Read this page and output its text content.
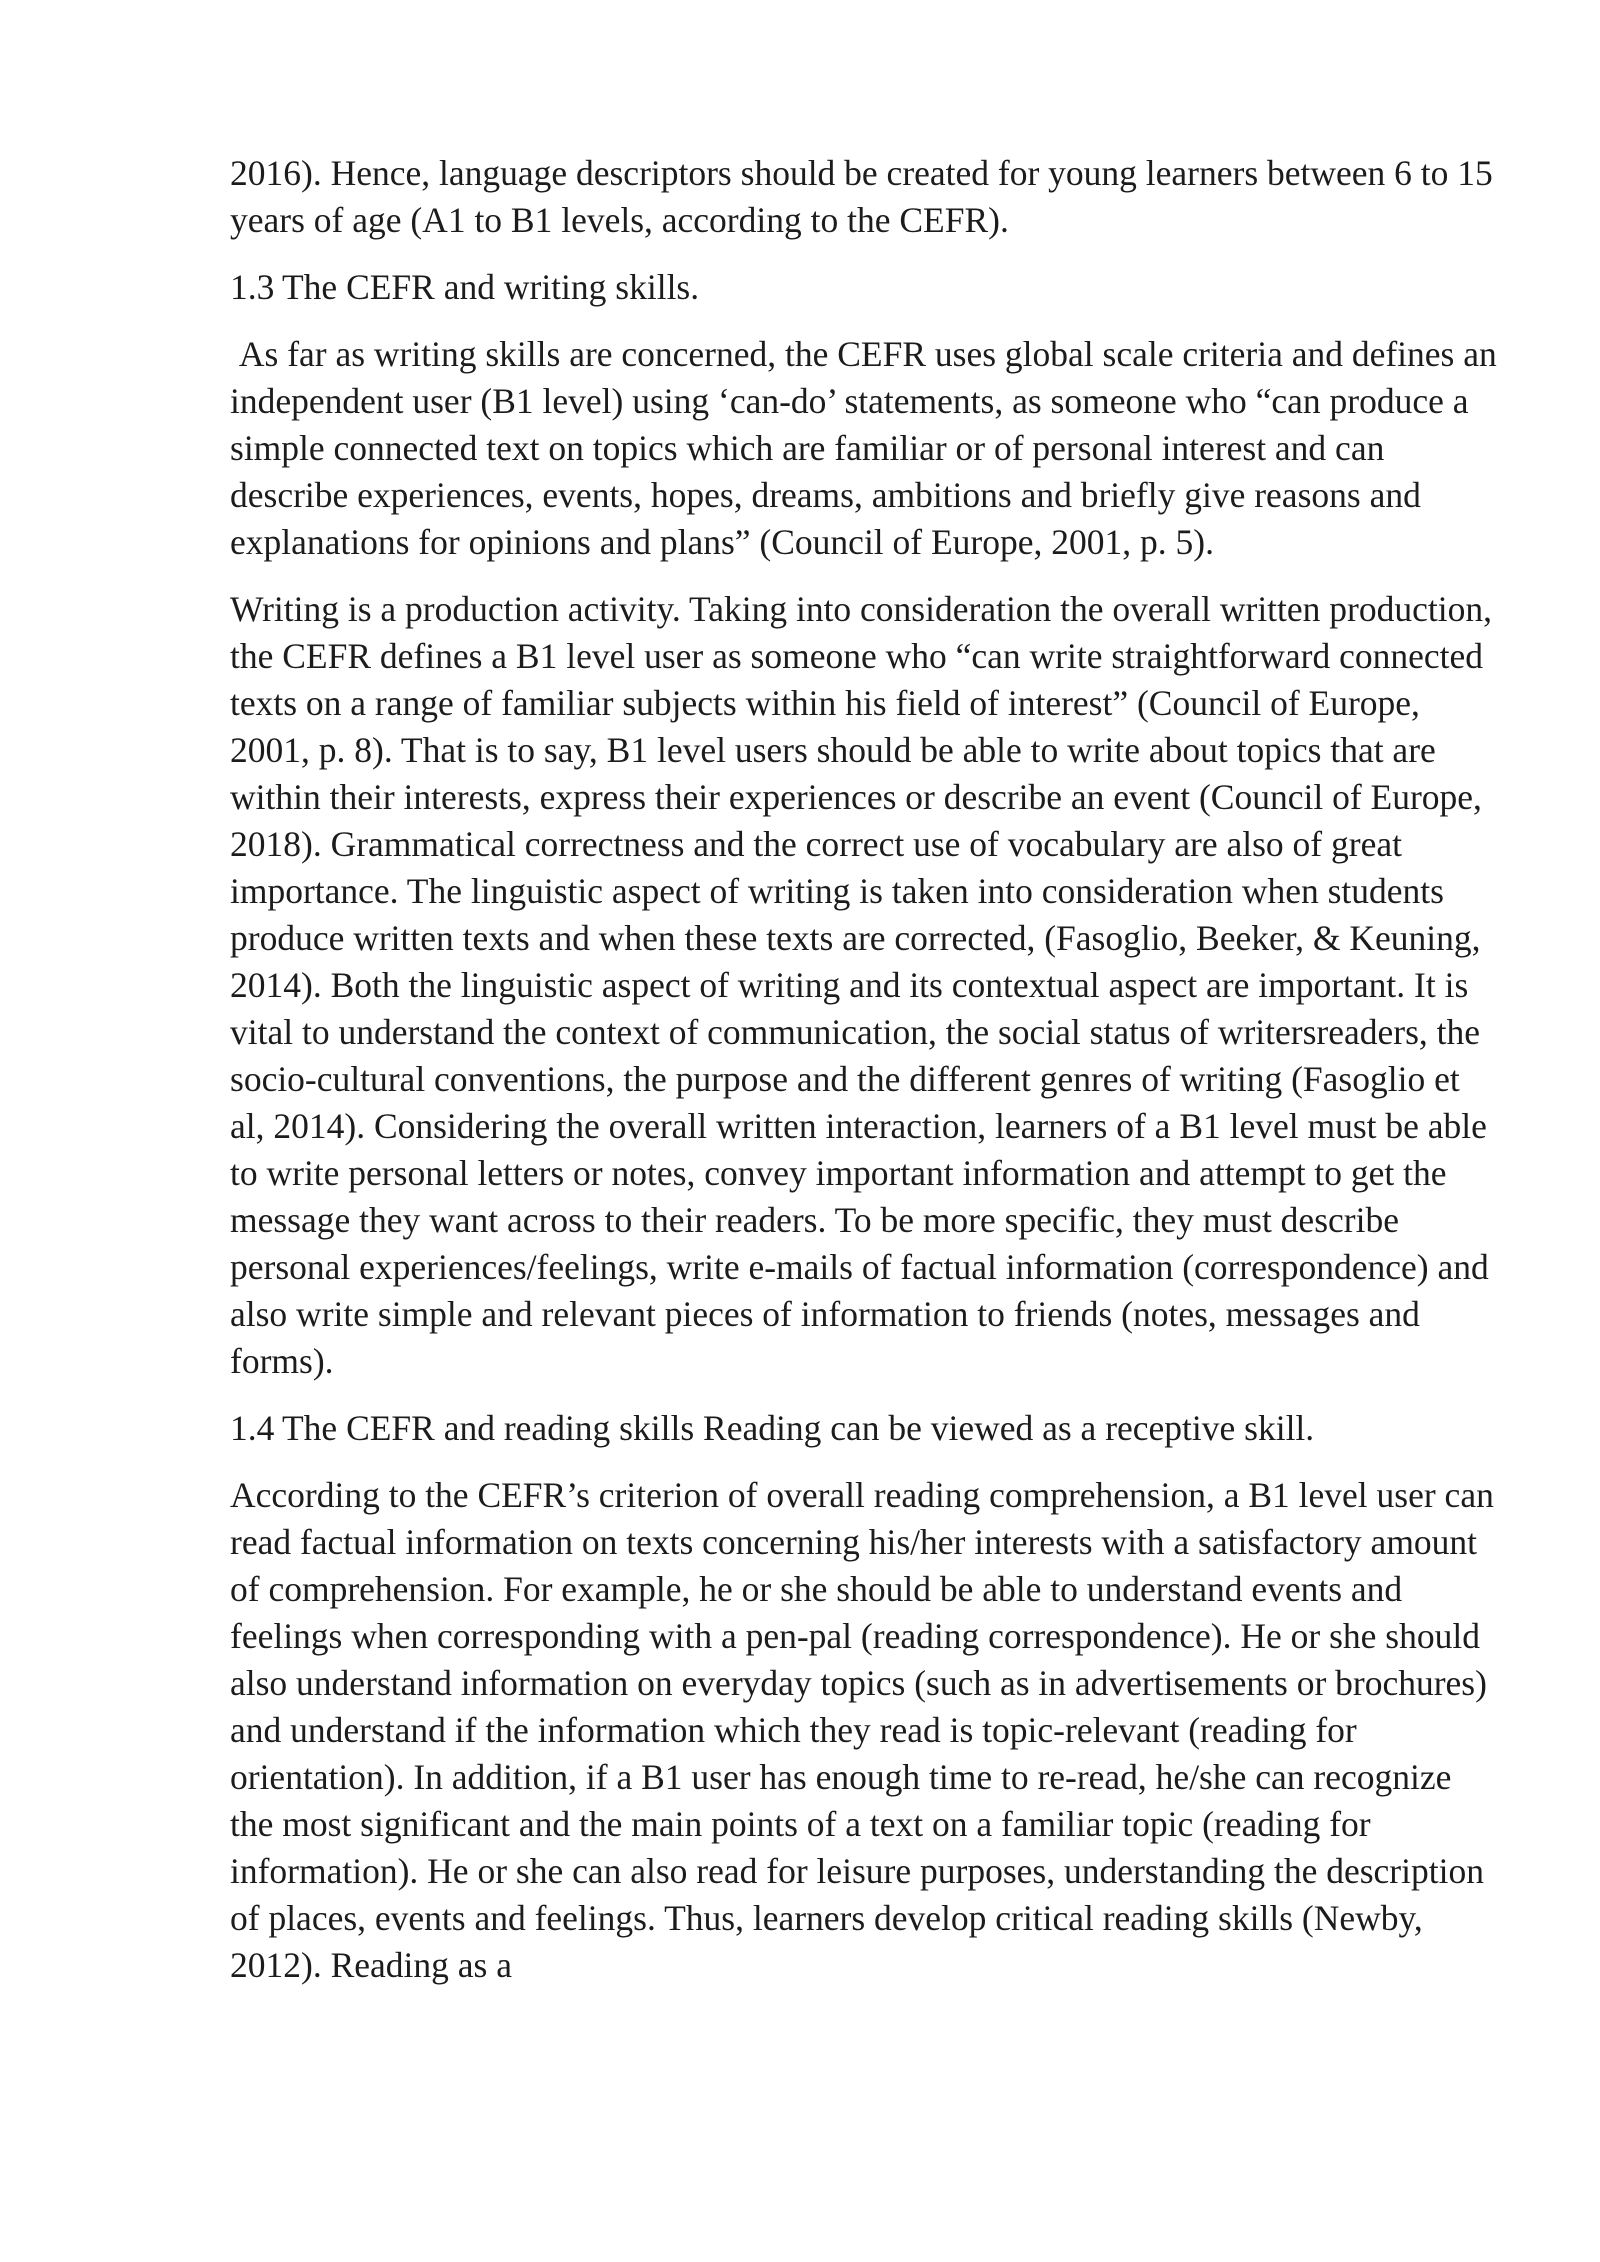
2016). Hence, language descriptors should be created for young learners between 6 to 15 years of age (A1 to B1 levels, according to the CEFR).

1.3 The CEFR and writing skills.

As far as writing skills are concerned, the CEFR uses global scale criteria and defines an independent user (B1 level) using ‘can-do’ statements, as someone who “can produce a simple connected text on topics which are familiar or of personal interest and can describe experiences, events, hopes, dreams, ambitions and briefly give reasons and explanations for opinions and plans” (Council of Europe, 2001, p. 5).

Writing is a production activity. Taking into consideration the overall written production, the CEFR defines a B1 level user as someone who “can write straightforward connected texts on a range of familiar subjects within his field of interest” (Council of Europe, 2001, p. 8). That is to say, B1 level users should be able to write about topics that are within their interests, express their experiences or describe an event (Council of Europe, 2018). Grammatical correctness and the correct use of vocabulary are also of great importance. The linguistic aspect of writing is taken into consideration when students produce written texts and when these texts are corrected, (Fasoglio, Beeker, & Keuning, 2014). Both the linguistic aspect of writing and its contextual aspect are important. It is vital to understand the context of communication, the social status of writersreaders, the socio-cultural conventions, the purpose and the different genres of writing (Fasoglio et al, 2014). Considering the overall written interaction, learners of a B1 level must be able to write personal letters or notes, convey important information and attempt to get the message they want across to their readers. To be more specific, they must describe personal experiences/feelings, write e-mails of factual information (correspondence) and also write simple and relevant pieces of information to friends (notes, messages and forms).

1.4 The CEFR and reading skills Reading can be viewed as a receptive skill.

According to the CEFR’s criterion of overall reading comprehension, a B1 level user can read factual information on texts concerning his/her interests with a satisfactory amount of comprehension. For example, he or she should be able to understand events and feelings when corresponding with a pen-pal (reading correspondence). He or she should also understand information on everyday topics (such as in advertisements or brochures) and understand if the information which they read is topic-relevant (reading for orientation). In addition, if a B1 user has enough time to re-read, he/she can recognize the most significant and the main points of a text on a familiar topic (reading for information). He or she can also read for leisure purposes, understanding the description of places, events and feelings. Thus, learners develop critical reading skills (Newby, 2012). Reading as a
